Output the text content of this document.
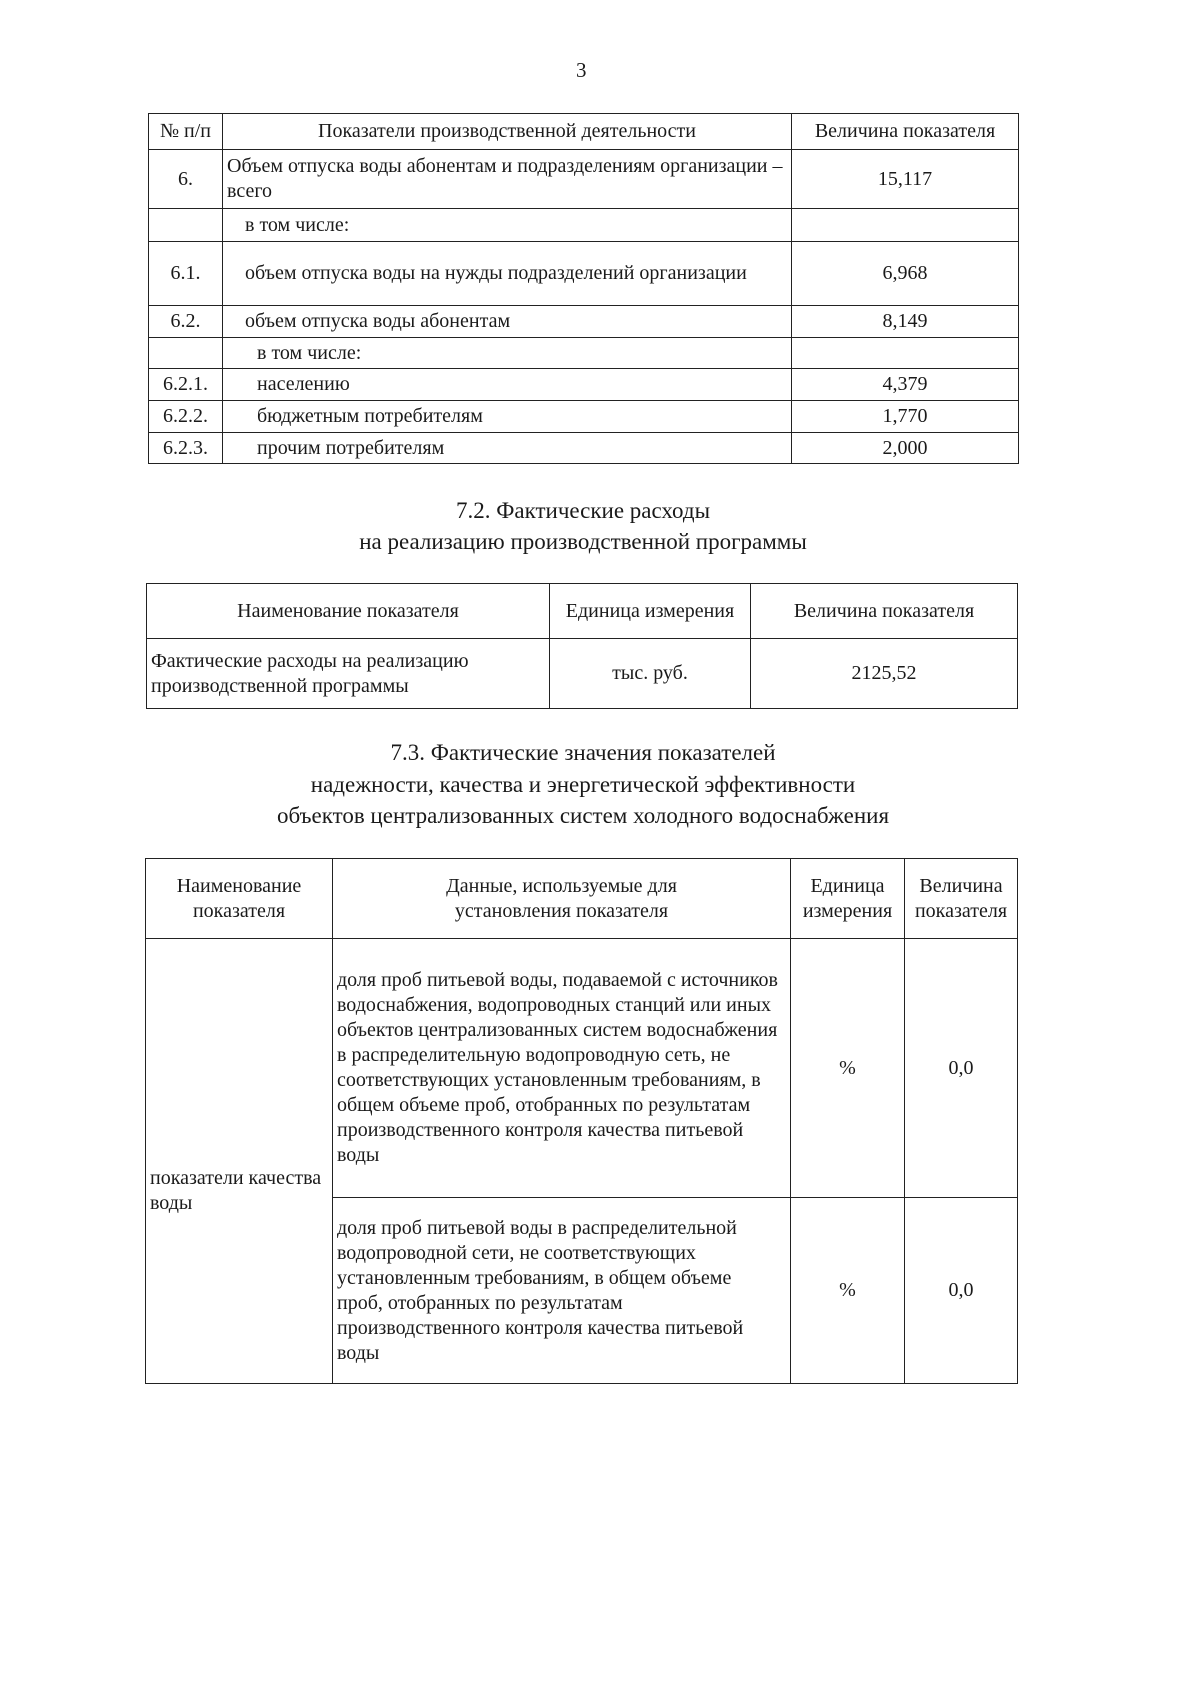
3
№ п/п	Показатели производственной деятельности	Величина показателя
6.	Объем отпуска воды абонентам и подразделениям организации – всего	15,117
	в том числе:	
6.1.	объем отпуска воды на нужды подразделений организации	6,968
6.2.	объем отпуска воды абонентам	8,149
	в том числе:	
6.2.1.	населению	4,379
6.2.2.	бюджетным потребителям	1,770
6.2.3.	прочим потребителям	2,000
7.2. Фактические расходы
на реализацию производственной программы
Наименование показателя	Единица измерения	Величина показателя
Фактические расходы на реализацию производственной программы	тыс. руб.	2125,52
7.3. Фактические значения показателей
надежности, качества и энергетической эффективности
объектов централизованных систем холодного водоснабжения
Наименование показателя	Данные, используемые для установления показателя	Единица измерения	Величина показателя
показатели качества воды	доля проб питьевой воды, подаваемой с источников водоснабжения, водопроводных станций или иных объектов централизованных систем водоснабжения в распределительную водопроводную сеть, не соответствующих установленным требованиям, в общем объеме проб, отобранных по результатам производственного контроля качества питьевой воды	%	0,0
	доля проб питьевой воды в распределительной водопроводной сети, не соответствующих установленным требованиям, в общем объеме проб, отобранных по результатам производственного контроля качества питьевой воды	%	0,0
